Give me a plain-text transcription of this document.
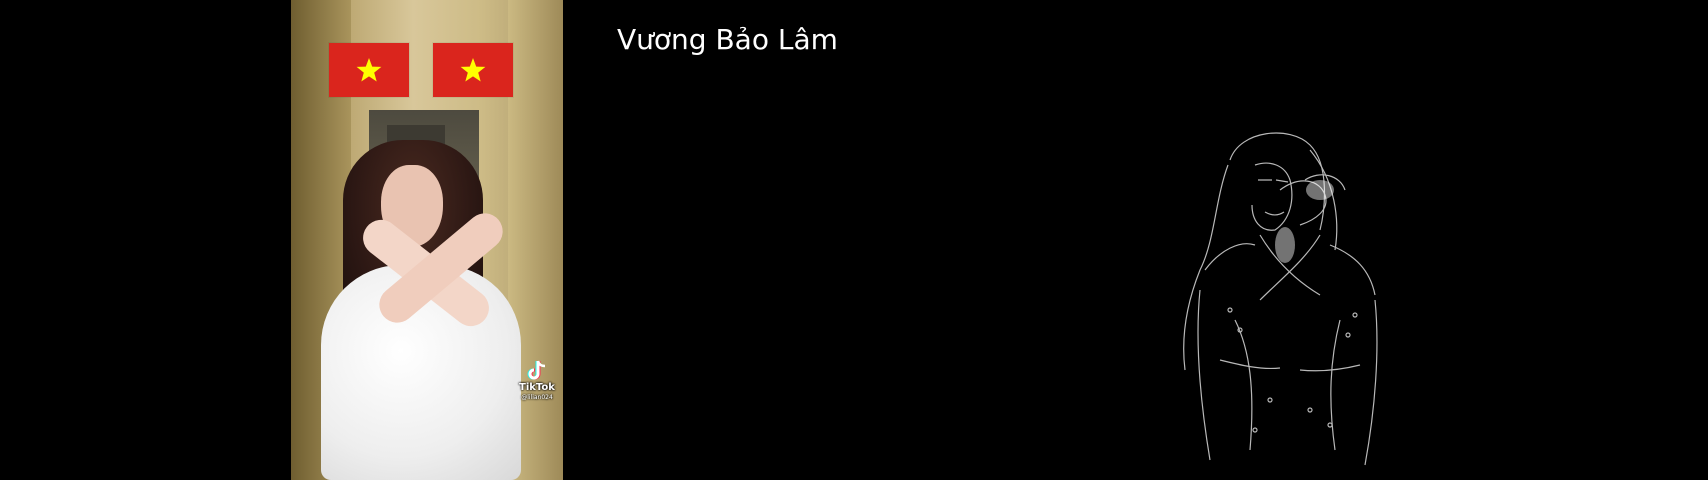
TikTok
@lilian024
Vương Bảo Lâm
